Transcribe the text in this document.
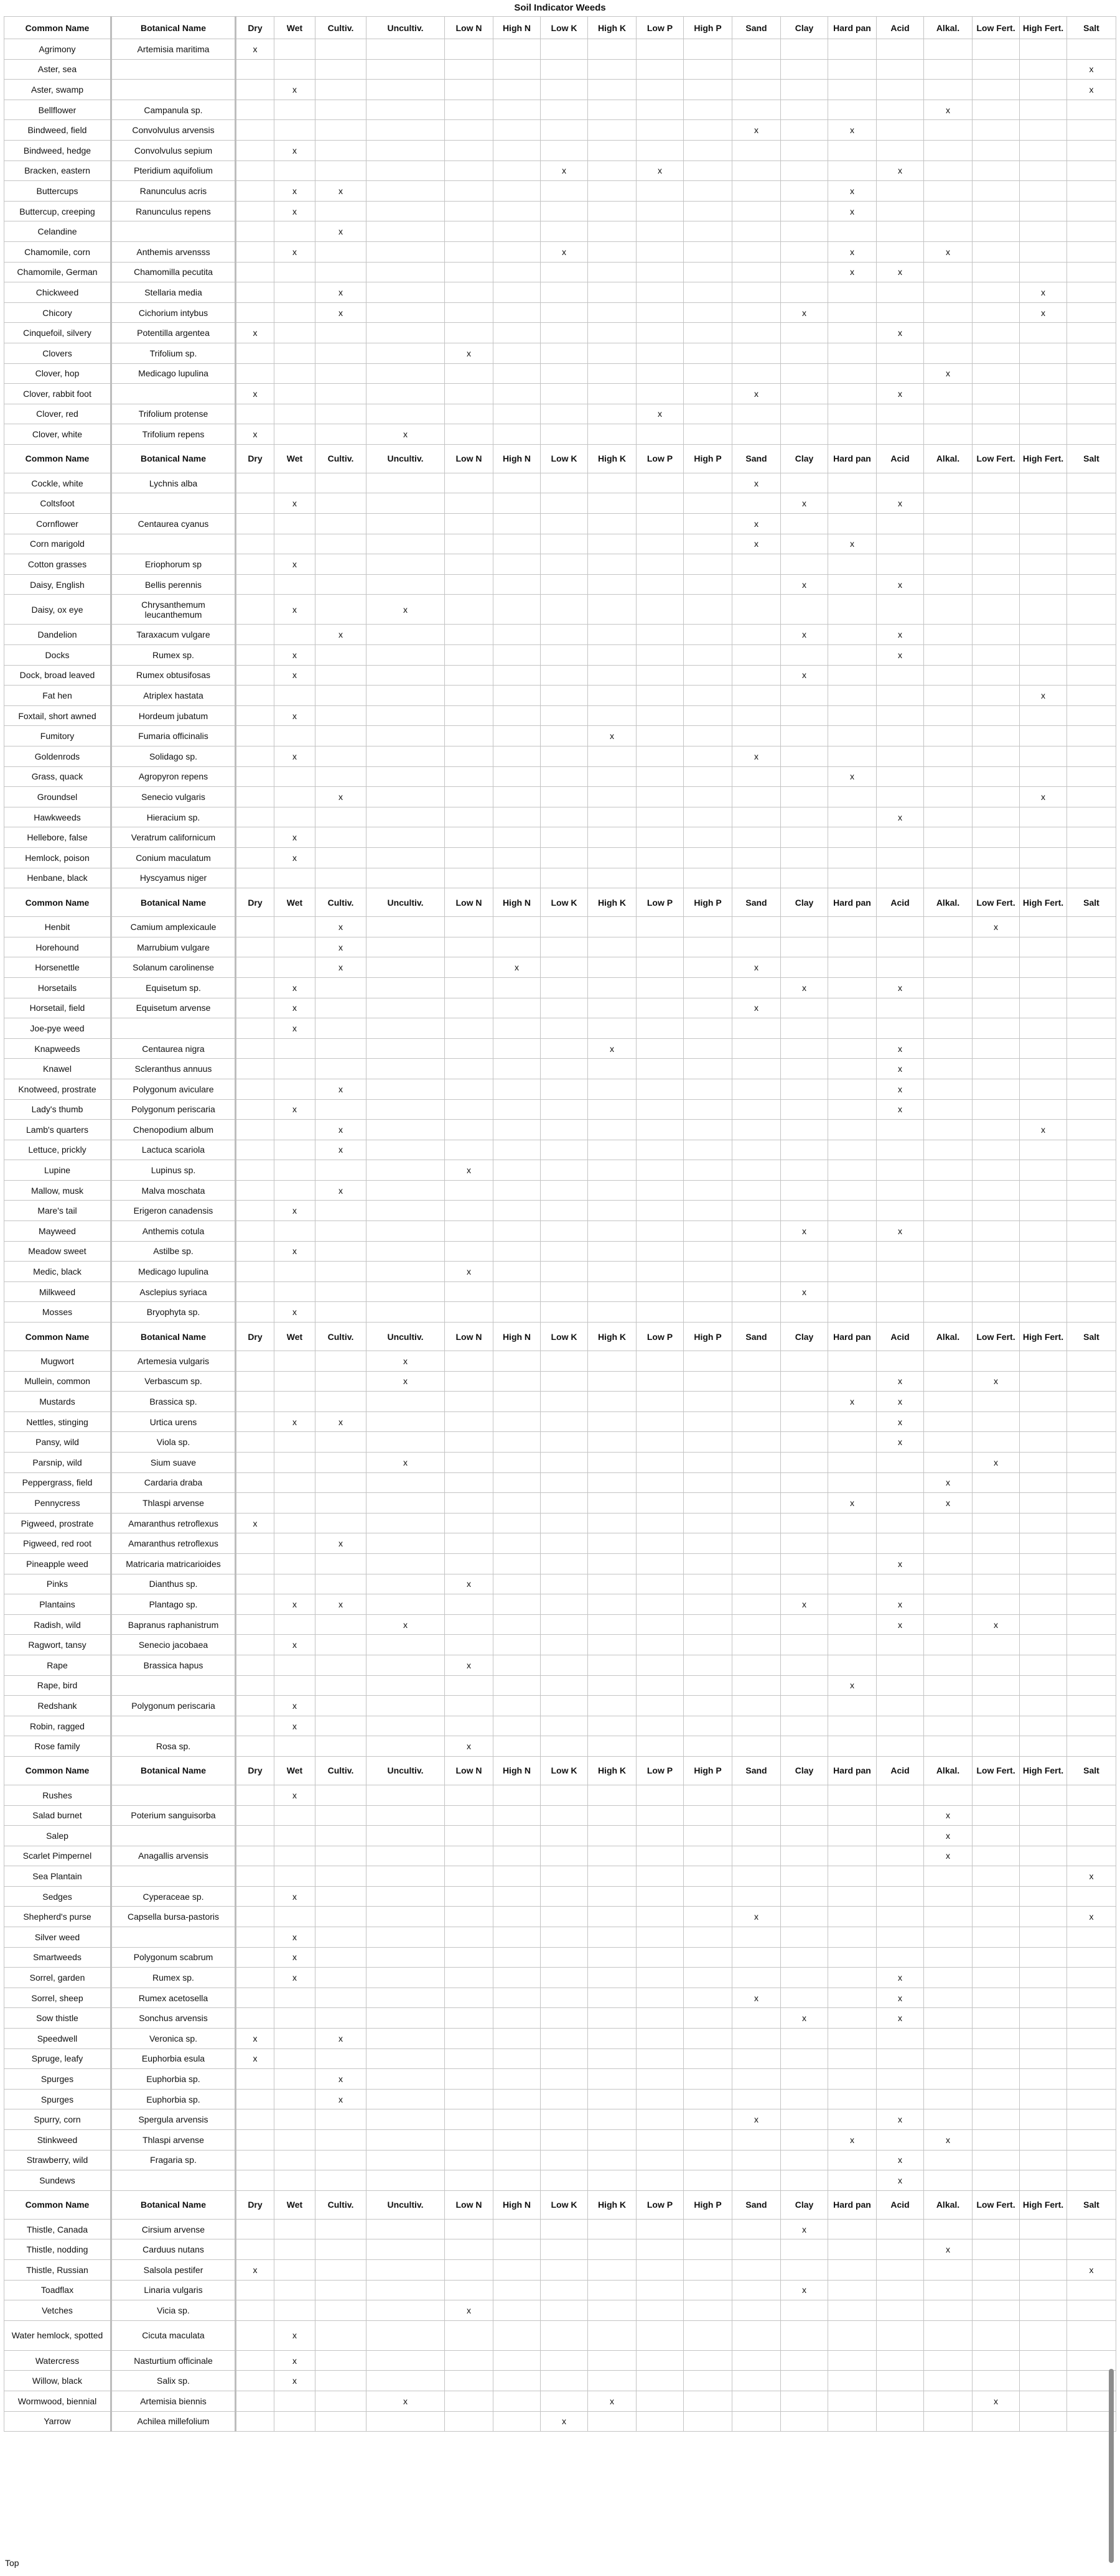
Soil Indicator Weeds
Common Name	Botanical Name	Dry	Wet	Cultiv.	Uncultiv.	Low N	High N	Low K	High K	Low P	High P	Sand	Clay	Hard pan	Acid	Alkal.	Low Fert.	High Fert.	Salt
Agrimony	Artemisia maritima	x																	
Aster, sea																			x
Aster, swamp			x																x
Bellflower	Campanula sp.															x			
Bindweed, field	Convolvulus arvensis											x		x					
Bindweed, hedge	Convolvulus sepium		x																
Bracken, eastern	Pteridium aquifolium							x		x					x				
Buttercups	Ranunculus acris		x	x										x					
Buttercup, creeping	Ranunculus repens		x											x					
Celandine				x															
Chamomile, corn	Anthemis arvensss		x					x						x		x			
Chamomile, German	Chamomilla pecutita													x	x				
Chickweed	Stellaria media			x														x	
Chicory	Cichorium intybus			x									x					x	
Cinquefoil, silvery	Potentilla argentea	x													x				
Clovers	Trifolium sp.					x													
Clover, hop	Medicago lupulina															x			
Clover, rabbit foot		x										x			x				
Clover, red	Trifolium protense									x									
Clover, white	Trifolium repens	x			x														
Common Name	Botanical Name	Dry	Wet	Cultiv.	Uncultiv.	Low N	High N	Low K	High K	Low P	High P	Sand	Clay	Hard pan	Acid	Alkal.	Low Fert.	High Fert.	Salt
Cockle, white	Lychnis alba											x							
Coltsfoot			x										x		x				
Cornflower	Centaurea cyanus											x							
Corn marigold												x		x					
Cotton grasses	Eriophorum sp		x																
Daisy, English	Bellis perennis												x		x				
Daisy, ox eye	Chrysanthemum leucanthemum		x		x														
Dandelion	Taraxacum vulgare			x									x		x				
Docks	Rumex sp.		x												x				
Dock, broad leaved	Rumex obtusifosas		x										x						
Fat hen	Atriplex hastata																	x	
Foxtail, short awned	Hordeum jubatum		x																
Fumitory	Fumaria officinalis								x										
Goldenrods	Solidago sp.		x									x							
Grass, quack	Agropyron repens													x					
Groundsel	Senecio vulgaris			x														x	
Hawkweeds	Hieracium sp.														x				
Hellebore, false	Veratrum californicum		x																
Hemlock, poison	Conium maculatum		x																
Henbane, black	Hyscyamus niger																		
Common Name	Botanical Name	Dry	Wet	Cultiv.	Uncultiv.	Low N	High N	Low K	High K	Low P	High P	Sand	Clay	Hard pan	Acid	Alkal.	Low Fert.	High Fert.	Salt
Henbit	Camium amplexicaule			x													x		
Horehound	Marrubium vulgare			x															
Horsenettle	Solanum carolinense			x			x					x							
Horsetails	Equisetum sp.		x										x		x				
Horsetail, field	Equisetum arvense		x									x							
Joe-pye weed			x																
Knapweeds	Centaurea nigra								x						x				
Knawel	Scleranthus annuus														x				
Knotweed, prostrate	Polygonum aviculare			x											x				
Lady's thumb	Polygonum periscaria		x												x				
Lamb's quarters	Chenopodium album			x														x	
Lettuce, prickly	Lactuca scariola			x															
Lupine	Lupinus sp.					x													
Mallow, musk	Malva moschata			x															
Mare's tail	Erigeron canadensis		x																
Mayweed	Anthemis cotula												x		x				
Meadow sweet	Astilbe sp.		x																
Medic, black	Medicago lupulina					x													
Milkweed	Asclepius syriaca												x						
Mosses	Bryophyta sp.		x																
Common Name	Botanical Name	Dry	Wet	Cultiv.	Uncultiv.	Low N	High N	Low K	High K	Low P	High P	Sand	Clay	Hard pan	Acid	Alkal.	Low Fert.	High Fert.	Salt
Mugwort	Artemesia vulgaris				x														
Mullein, common	Verbascum sp.				x										x		x		
Mustards	Brassica sp.													x	x				
Nettles, stinging	Urtica urens		x	x											x				
Pansy, wild	Viola sp.														x				
Parsnip, wild	Sium suave				x												x		
Peppergrass, field	Cardaria draba															x			
Pennycress	Thlaspi arvense													x		x			
Pigweed, prostrate	Amaranthus retroflexus	x																	
Pigweed, red root	Amaranthus retroflexus			x															
Pineapple weed	Matricaria matricarioides														x				
Pinks	Dianthus sp.					x													
Plantains	Plantago sp.		x	x									x		x				
Radish, wild	Bapranus raphanistrum				x										x		x		
Ragwort, tansy	Senecio jacobaea		x																
Rape	Brassica hapus					x													
Rape, bird														x					
Redshank	Polygonum periscaria		x																
Robin, ragged			x																
Rose family	Rosa sp.					x													
Common Name	Botanical Name	Dry	Wet	Cultiv.	Uncultiv.	Low N	High N	Low K	High K	Low P	High P	Sand	Clay	Hard pan	Acid	Alkal.	Low Fert.	High Fert.	Salt
Rushes			x																
Salad burnet	Poterium sanguisorba															x			
Salep																x			
Scarlet Pimpernel	Anagallis arvensis															x			
Sea Plantain																			x
Sedges	Cyperaceae sp.		x																
Shepherd's purse	Capsella bursa-pastoris											x							x
Silver weed			x																
Smartweeds	Polygonum scabrum		x																
Sorrel, garden	Rumex sp.		x												x				
Sorrel, sheep	Rumex acetosella											x			x				
Sow thistle	Sonchus arvensis												x		x				
Speedwell	Veronica sp.	x		x															
Spruge, leafy	Euphorbia esula	x																	
Spurges	Euphorbia sp.			x															
Spurges	Euphorbia sp.			x															
Spurry, corn	Spergula arvensis											x			x				
Stinkweed	Thlaspi arvense													x		x			
Strawberry, wild	Fragaria sp.														x				
Sundews															x				
Common Name	Botanical Name	Dry	Wet	Cultiv.	Uncultiv.	Low N	High N	Low K	High K	Low P	High P	Sand	Clay	Hard pan	Acid	Alkal.	Low Fert.	High Fert.	Salt
Thistle, Canada	Cirsium arvense												x						
Thistle, nodding	Carduus nutans															x			
Thistle, Russian	Salsola pestifer	x																	x
Toadflax	Linaria vulgaris												x						
Vetches	Vicia sp.					x													
Water hemlock, spotted	Cicuta maculata		x																
Watercress	Nasturtium officinale		x																
Willow, black	Salix sp.		x																
Wormwood, biennial	Artemisia biennis				x				x								x		
Yarrow	Achilea millefolium							x											
Top
